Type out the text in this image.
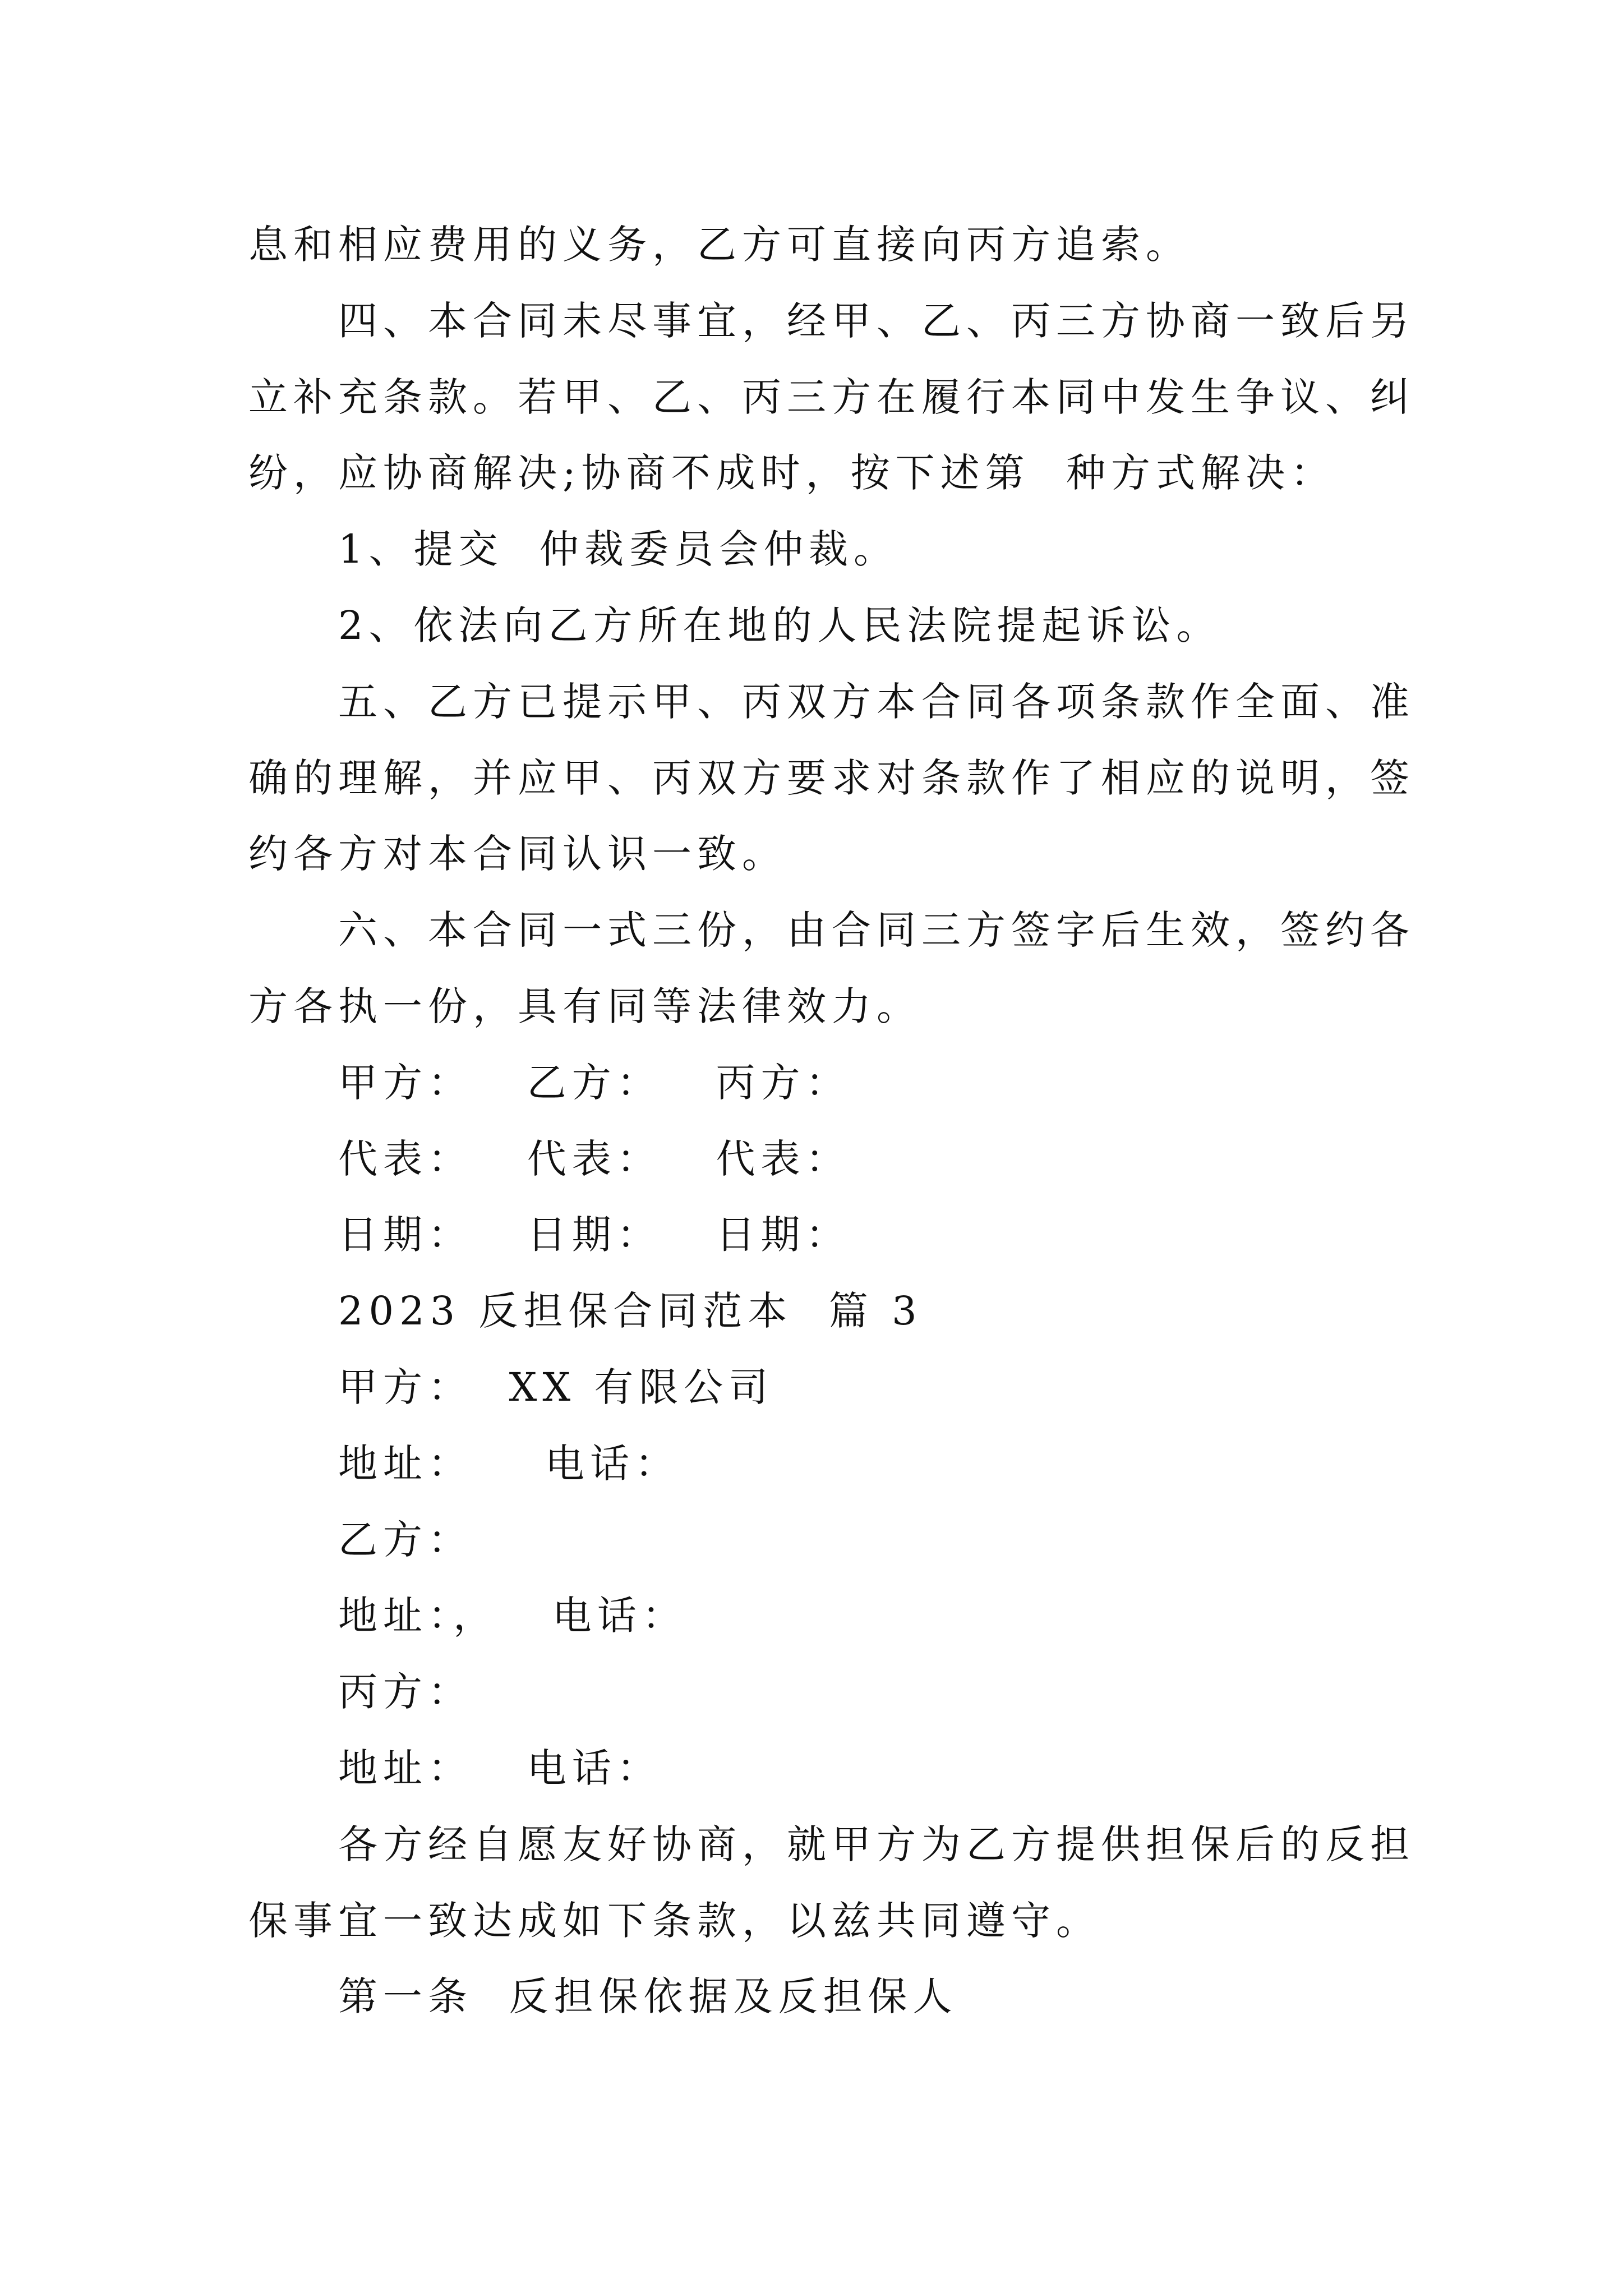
息和相应费用的义务，乙方可直接向丙方追索。
四、本合同未尽事宜，经甲、乙、丙三方协商一致后另
立补充条款。若甲、乙、丙三方在履行本同中发生争议、纠
纷，应协商解决;协商不成时，按下述第  种方式解决：
1、提交  仲裁委员会仲裁。
2、依法向乙方所在地的人民法院提起诉讼。
五、乙方已提示甲、丙双方本合同各项条款作全面、准
确的理解，并应甲、丙双方要求对条款作了相应的说明，签
约各方对本合同认识一致。
六、本合同一式三份，由合同三方签字后生效，签约各
方各执一份，具有同等法律效力。
甲方：   乙方：   丙方：
代表：   代表：   代表：
日期：   日期：   日期：
2023 反担保合同范本  篇 3
甲方：  XX 有限公司
地址：    电话：
乙方：
地址：，   电话：
丙方：
地址：   电话：
各方经自愿友好协商，就甲方为乙方提供担保后的反担
保事宜一致达成如下条款，以兹共同遵守。
第一条  反担保依据及反担保人
